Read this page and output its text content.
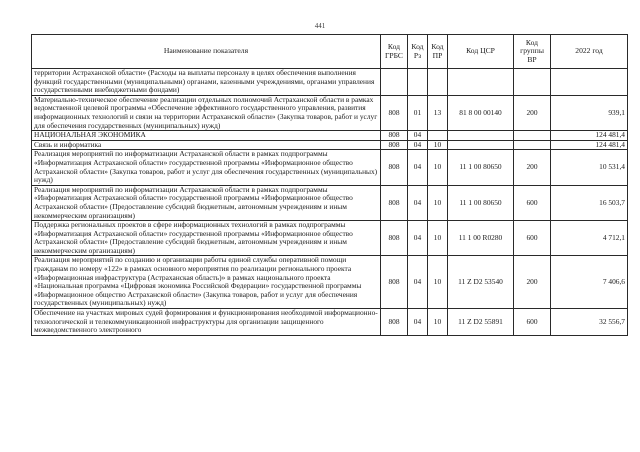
441
Наименование показателя	Код ГРБС	Код Рз	Код ПР	Код ЦСР	Код группы ВР	2022 год
территории Астраханской области» (Расходы на выплаты персоналу в целях обеспечения выполнения функций государственными (муниципальными) органами, казенными учреждениями, органами управления государственными внебюджетными фондами)						
Материально-техническое обеспечение реализации отдельных полномочий Астраханской области в рамках ведомственной целевой программы «Обеспечение эффективного государственного управления, развития информационных технологий и связи на территории Астраханской области» (Закупка товаров, работ и услуг для обеспечения государственных (муниципальных) нужд)	808	01	13	81 8 00 00140	200	939,1
НАЦИОНАЛЬНАЯ ЭКОНОМИКА	808	04				124 481,4
Связь и информатика	808	04	10			124 481,4
Реализация мероприятий по информатизации Астраханской области в рамках подпрограммы «Информатизация Астраханской области» государственной программы «Информационное общество Астраханской области» (Закупка товаров, работ и услуг для обеспечения государственных (муниципальных) нужд)	808	04	10	11 1 00 80650	200	10 531,4
Реализация мероприятий по информатизации Астраханской области в рамках подпрограммы «Информатизация Астраханской области» государственной программы «Информационное общество Астраханской области» (Предоставление субсидий бюджетным, автономным учреждениям и иным некоммерческим организациям)	808	04	10	11 1 00 80650	600	16 503,7
Поддержка региональных проектов в сфере информационных технологий в рамках подпрограммы «Информатизация Астраханской области» государственной программы «Информационное общество Астраханской области» (Предоставление субсидий бюджетным, автономным учреждениям и иным некоммерческим организациям)	808	04	10	11 1 00 R0280	600	4 712,1
Реализация мероприятий по созданию и организации работы единой службы оперативной помощи гражданам по номеру «122» в рамках основного мероприятия по реализации регионального проекта «Информационная инфраструктура (Астраханская область)» в рамках национального проекта «Национальная программа «Цифровая экономика Российской Федерации» государственной программы «Информационное общество Астраханской области» (Закупка товаров, работ и услуг для обеспечения государственных (муниципальных) нужд)	808	04	10	11 Z D2 53540	200	7 406,6
Обеспечение на участках мировых судей формирования и функционирования необходимой информационно-технологической и телекоммуникационной инфраструктуры для организации защищенного межведомственного электронного	808	04	10	11 Z D2 55891	600	32 556,7
